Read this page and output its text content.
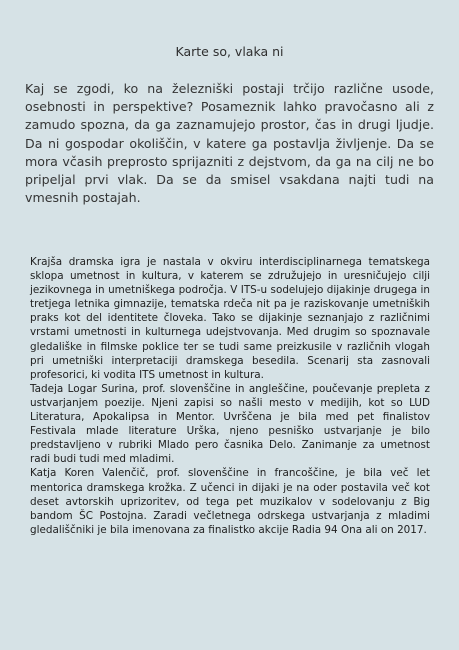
Karte so, vlaka ni

Kaj se zgodi, ko na železniški postaji trčijo različne usode, osebnosti in perspektive? Posameznik lahko pravočasno ali z zamudo spozna, da ga zaznamujejo prostor, čas in drugi ljudje. Da ni gospodar okoliščin, v katere ga postavlja življenje. Da se mora včasih preprosto sprijazniti z dejstvom, da ga na cilj ne bo pripeljal prvi vlak. Da se da smisel vsakdana najti tudi na vmesnih postajah.

Krajša dramska igra je nastala v okviru interdisciplinarnega tematskega sklopa umetnost in kultura, v katerem se združujejo in uresničujejo cilji jezikovnega in umetniškega področja. V ITS-u sodelujejo dijakinje drugega in tretjega letnika gimnazije, tematska rdeča nit pa je raziskovanje umetniških praks kot del identitete človeka. Tako se dijakinje seznanjajo z različnimi vrstami umetnosti in kulturnega udejstvovanja. Med drugim so spoznavale gledališke in filmske poklice ter se tudi same preizkusile v različnih vlogah pri umetniški interpretaciji dramskega besedila. Scenarij sta zasnovali profesorici, ki vodita ITS umetnost in kultura.

Tadeja Logar Surina, prof. slovenščine in angleščine, poučevanje prepleta z ustvarjanjem poezije. Njeni zapisi so našli mesto v medijih, kot so LUD Literatura, Apokalipsa in Mentor. Uvrščena je bila med pet finalistov Festivala mlade literature Urška, njeno pesniško ustvarjanje je bilo predstavljeno v rubriki Mlado pero časnika Delo. Zanimanje za umetnost radi budi tudi med mladimi.

Katja Koren Valenčič, prof. slovenščine in francoščine, je bila več let mentorica dramskega krožka. Z učenci in dijaki je na oder postavila več kot deset avtorskih uprizoritev, od tega pet muzikalov v sodelovanju z Big bandom ŠC Postojna. Zaradi večletnega odrskega ustvarjanja z mladimi gledališčniki je bila imenovana za finalistko akcije Radia 94 Ona ali on 2017.
